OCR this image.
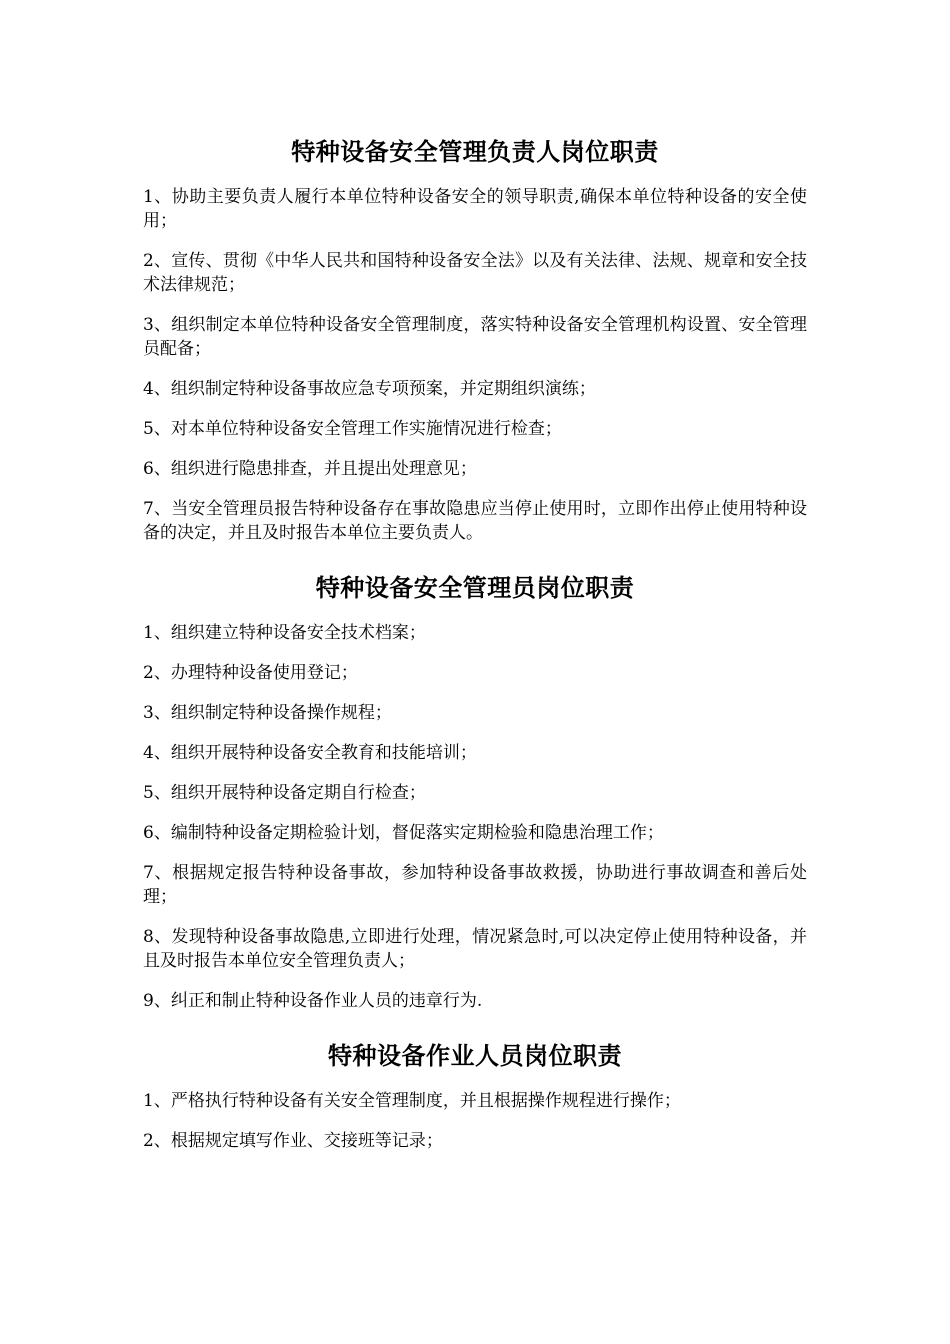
特种设备安全管理负责人岗位职责

1、协助主要负责人履行本单位特种设备安全的领导职责,确保本单位特种设备的安全使用；

2、宣传、贯彻《中华人民共和国特种设备安全法》以及有关法律、法规、规章和安全技术法律规范；

3、组织制定本单位特种设备安全管理制度，落实特种设备安全管理机构设置、安全管理员配备；

4、组织制定特种设备事故应急专项预案，并定期组织演练；

5、对本单位特种设备安全管理工作实施情况进行检查；

6、组织进行隐患排查，并且提出处理意见；

7、当安全管理员报告特种设备存在事故隐患应当停止使用时，立即作出停止使用特种设备的决定，并且及时报告本单位主要负责人。

特种设备安全管理员岗位职责

1、组织建立特种设备安全技术档案；

2、办理特种设备使用登记；

3、组织制定特种设备操作规程；

4、组织开展特种设备安全教育和技能培训；

5、组织开展特种设备定期自行检查；

6、编制特种设备定期检验计划，督促落实定期检验和隐患治理工作；

7、根据规定报告特种设备事故，参加特种设备事故救援，协助进行事故调查和善后处理；

8、发现特种设备事故隐患,立即进行处理，情况紧急时,可以决定停止使用特种设备，并且及时报告本单位安全管理负责人；

9、纠正和制止特种设备作业人员的违章行为.

特种设备作业人员岗位职责

1、严格执行特种设备有关安全管理制度，并且根据操作规程进行操作；

2、根据规定填写作业、交接班等记录；
